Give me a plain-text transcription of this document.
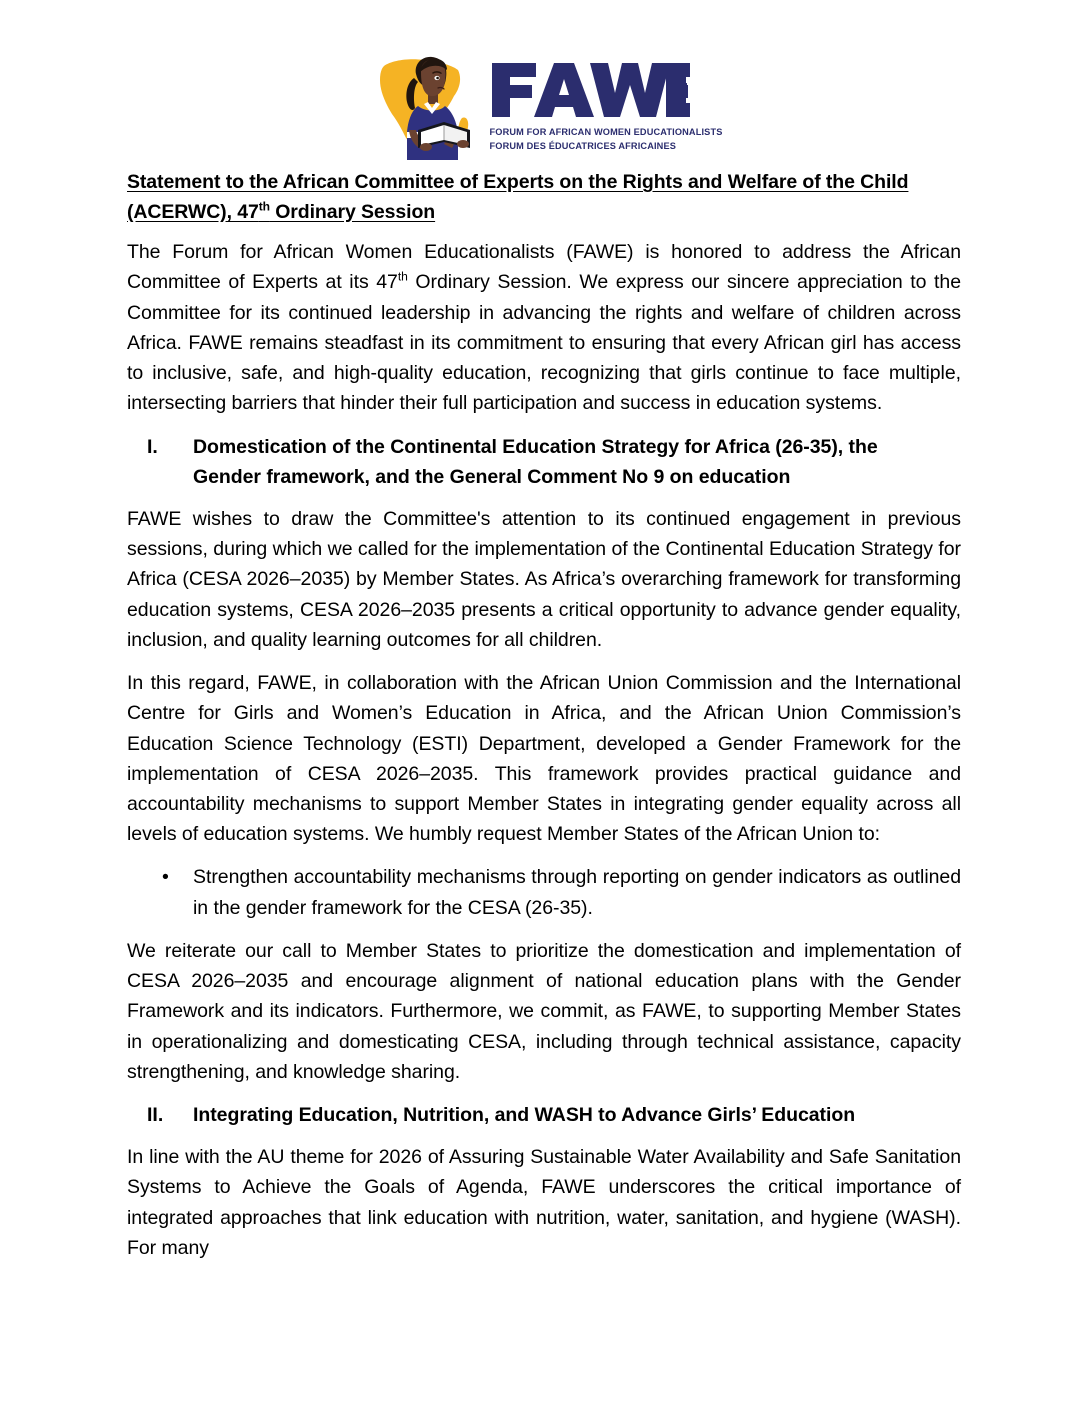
FORUM FOR AFRICAN WOMEN EDUCATIONALISTS
FORUM DES ÉDUCATRICES AFRICAINES
Statement to the African Committee of Experts on the Rights and Welfare of the Child
(ACERWC), 47th Ordinary Session

The Forum for African Women Educationalists (FAWE) is honored to address the African Committee of Experts at its 47th Ordinary Session. We express our sincere appreciation to the Committee for its continued leadership in advancing the rights and welfare of children across Africa. FAWE remains steadfast in its commitment to ensuring that every African girl has access to inclusive, safe, and high-quality education, recognizing that girls continue to face multiple, intersecting barriers that hinder their full participation and success in education systems.

I.	Domestication of the Continental Education Strategy for Africa (26-35), the Gender framework, and the General Comment No 9 on education

FAWE wishes to draw the Committee's attention to its continued engagement in previous sessions, during which we called for the implementation of the Continental Education Strategy for Africa (CESA 2026–2035) by Member States. As Africa’s overarching framework for transforming education systems, CESA 2026–2035 presents a critical opportunity to advance gender equality, inclusion, and quality learning outcomes for all children.

In this regard, FAWE, in collaboration with the African Union Commission and the International Centre for Girls and Women’s Education in Africa, and the African Union Commission’s Education Science Technology (ESTI) Department, developed a Gender Framework for the implementation of CESA 2026–2035. This framework provides practical guidance and accountability mechanisms to support Member States in integrating gender equality across all levels of education systems. We humbly request Member States of the African Union to:

•	Strengthen accountability mechanisms through reporting on gender indicators as outlined in the gender framework for the CESA (26-35).

We reiterate our call to Member States to prioritize the domestication and implementation of CESA 2026–2035 and encourage alignment of national education plans with the Gender Framework and its indicators. Furthermore, we commit, as FAWE, to supporting Member States in operationalizing and domesticating CESA, including through technical assistance, capacity strengthening, and knowledge sharing.

II.	Integrating Education, Nutrition, and WASH to Advance Girls’ Education

In line with the AU theme for 2026 of Assuring Sustainable Water Availability and Safe Sanitation Systems to Achieve the Goals of Agenda, FAWE underscores the critical importance of integrated approaches that link education with nutrition, water, sanitation, and hygiene (WASH). For many
